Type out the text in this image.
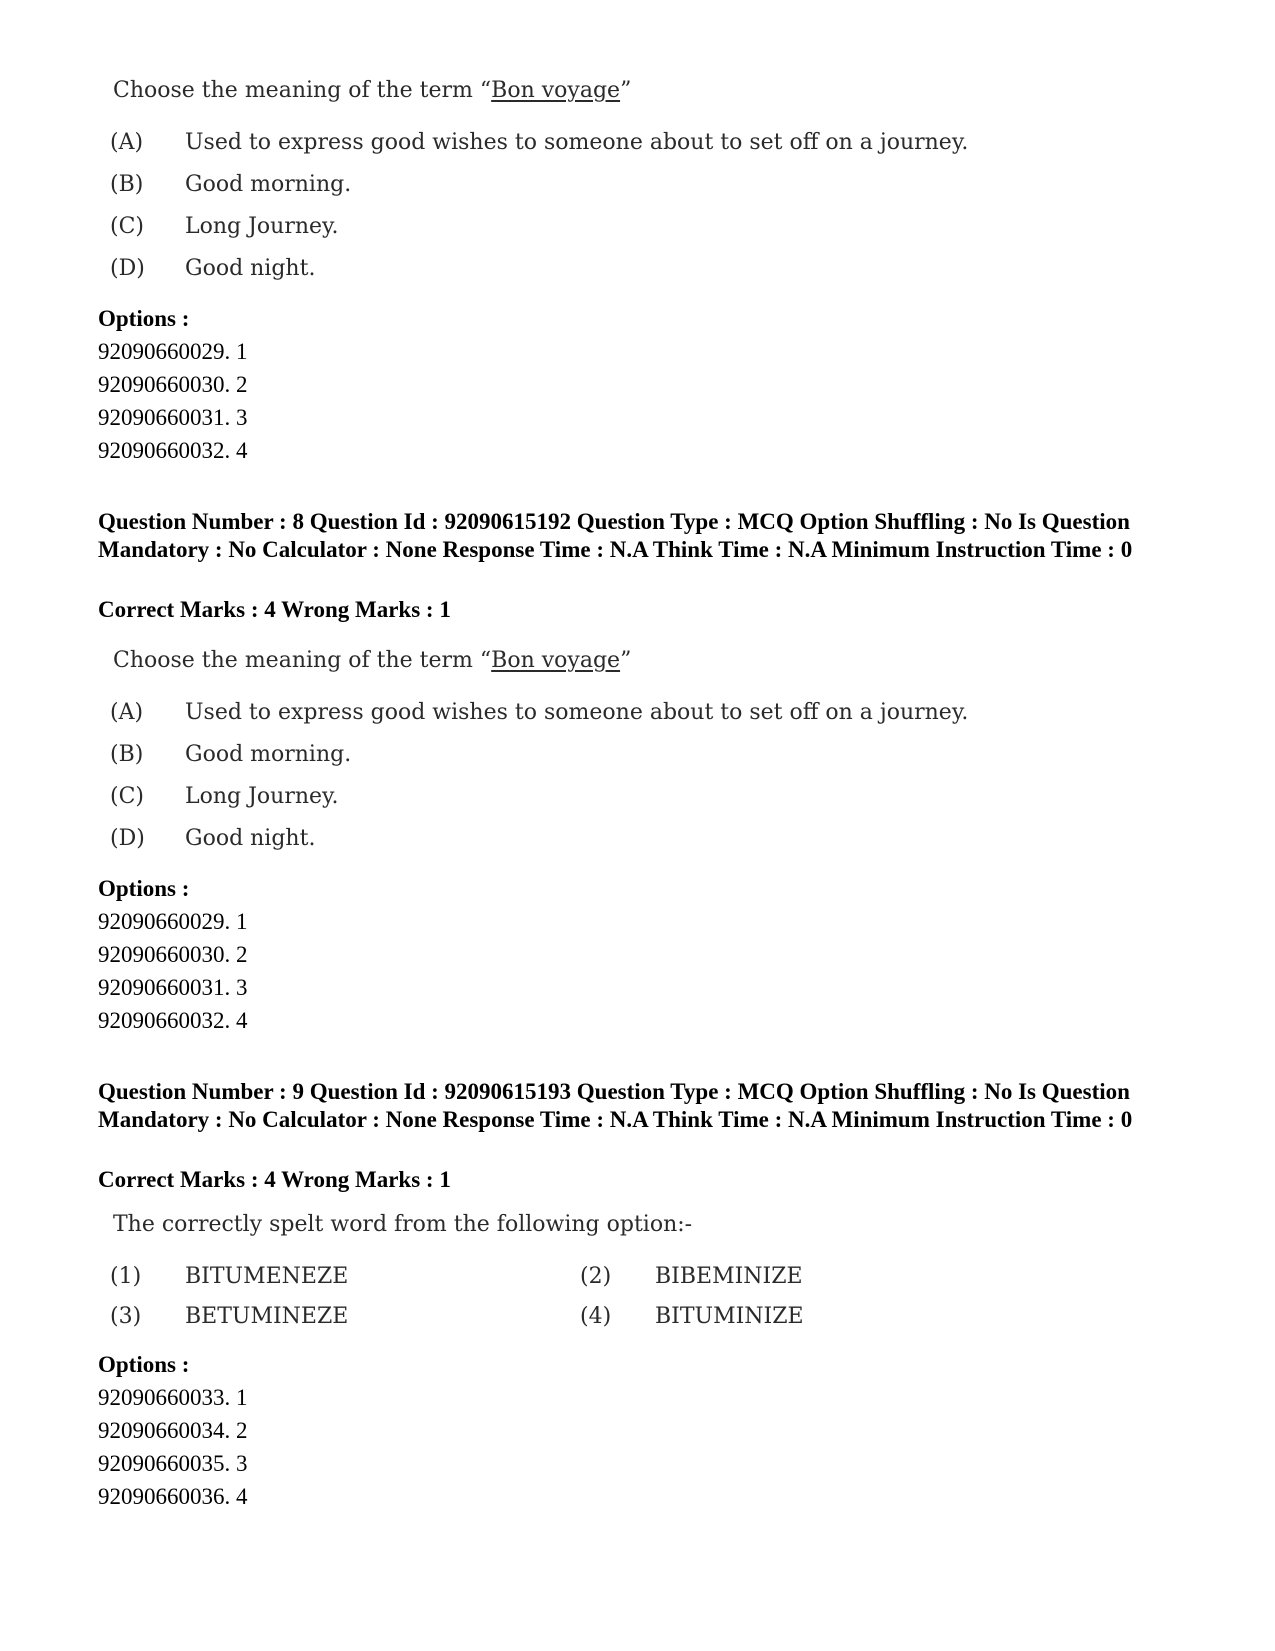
Choose the meaning of the term “Bon voyage”
(A)	Used to express good wishes to someone about to set off on a journey.
(B)	Good morning.
(C)	Long Journey.
(D)	Good night.
Options :
92090660029. 1
92090660030. 2
92090660031. 3
92090660032. 4
Question Number : 8 Question Id : 92090615192 Question Type : MCQ Option Shuffling : No Is Question Mandatory : No Calculator : None Response Time : N.A Think Time : N.A Minimum Instruction Time : 0
Correct Marks : 4 Wrong Marks : 1
Choose the meaning of the term “Bon voyage”
(A)	Used to express good wishes to someone about to set off on a journey.
(B)	Good morning.
(C)	Long Journey.
(D)	Good night.
Options :
92090660029. 1
92090660030. 2
92090660031. 3
92090660032. 4
Question Number : 9 Question Id : 92090615193 Question Type : MCQ Option Shuffling : No Is Question Mandatory : No Calculator : None Response Time : N.A Think Time : N.A Minimum Instruction Time : 0
Correct Marks : 4 Wrong Marks : 1
The correctly spelt word from the following option:-
(1)	BITUMENEZE	(2)	BIBEMINIZE
(3)	BETUMINEZE	(4)	BITUMINIZE
Options :
92090660033. 1
92090660034. 2
92090660035. 3
92090660036. 4
